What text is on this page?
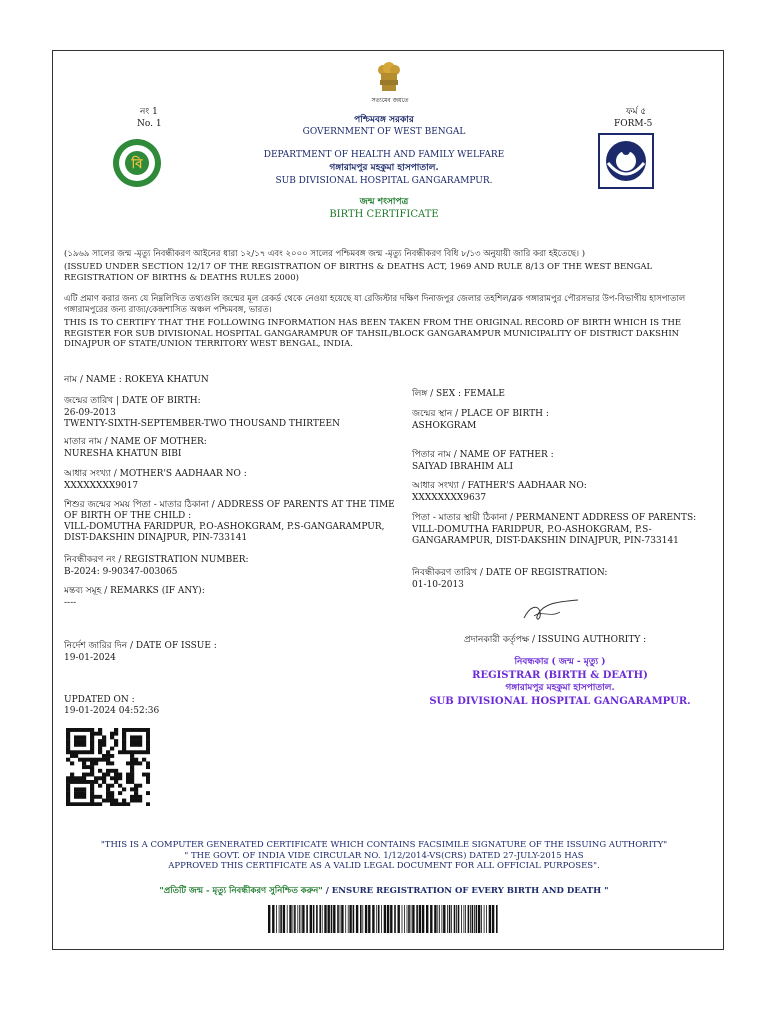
সত্যমেব জয়তে
নং 1
No. 1
ফর্ম ৫
FORM-5
পশ্চিমবঙ্গ সরকার
GOVERNMENT OF WEST BENGAL
DEPARTMENT OF HEALTH AND FAMILY WELFARE
গঙ্গারামপুর মহকুমা হাসপাতাল.
SUB DIVISIONAL HOSPITAL GANGARAMPUR.
জন্ম শংসাপত্র
BIRTH CERTIFICATE
বি
(১৯৬৯ সালের জন্ম -মৃত্যু নিবন্ধীকরণ আইনের ধারা ১২/১৭ এবং ২০০০ সালের পশ্চিমবঙ্গ জন্ম -মৃত্যু নিবন্ধীকরণ বিধি ৮/১৩ অনুযায়ী জারি করা হইতেছে। )
(ISSUED UNDER SECTION 12/17 OF THE REGISTRATION OF BIRTHS & DEATHS ACT, 1969 AND RULE 8/13 OF THE WEST BENGAL REGISTRATION OF BIRTHS & DEATHS RULES 2000)
এটি প্রমাণ করার জন্য যে নিম্নলিখিত তথ্যগুলি জন্মের মূল রেকর্ড থেকে নেওয়া হয়েছে যা রেজিস্টার দক্ষিণ দিনাজপুর জেলার তহশিল/ব্লক গঙ্গারামপুর পৌরসভার উপ-বিভাগীয় হাসপাতাল গঙ্গারামপুরের জন্য রাজ্য/কেন্দ্রশাসিত অঞ্চল পশ্চিমবঙ্গ, ভারত।
THIS IS TO CERTIFY THAT THE FOLLOWING INFORMATION HAS BEEN TAKEN FROM THE ORIGINAL RECORD OF BIRTH WHICH IS THE REGISTER FOR SUB DIVISIONAL HOSPITAL GANGARAMPUR OF TAHSIL/BLOCK GANGARAMPUR MUNICIPALITY OF DISTRICT DAKSHIN DINAJPUR OF STATE/UNION TERRITORY WEST BENGAL, INDIA.
নাম / NAME : ROKEYA KHATUN
জন্মের তারিখ | DATE OF BIRTH:
26-09-2013
TWENTY-SIXTH-SEPTEMBER-TWO THOUSAND THIRTEEN
মাতার নাম / NAME OF MOTHER:
NURESHA KHATUN BIBI
আধার সংখ্যা / MOTHER'S AADHAAR NO :
XXXXXXXX9017
শিশুর জন্মের সময় পিতা - মাতার ঠিকানা / ADDRESS OF PARENTS AT THE TIME OF BIRTH OF THE CHILD :
VILL-DOMUTHA FARIDPUR, P.O-ASHOKGRAM, P.S-GANGARAMPUR, DIST-DAKSHIN DINAJPUR, PIN-733141
নিবন্ধীকরণ নং / REGISTRATION NUMBER:
B-2024: 9-90347-003065
মন্তব্য সমূহ / REMARKS (IF ANY):
----
নির্দেশ জারির দিন / DATE OF ISSUE :
19-01-2024
UPDATED ON :
19-01-2024 04:52:36
লিঙ্গ / SEX : FEMALE
জন্মের স্থান / PLACE OF BIRTH :
ASHOKGRAM
পিতার নাম / NAME OF FATHER :
SAIYAD IBRAHIM ALI
আধার সংখ্যা / FATHER'S AADHAAR NO:
XXXXXXXX9637
পিতা - মাতার স্থায়ী ঠিকানা / PERMANENT ADDRESS OF PARENTS:
VILL-DOMUTHA FARIDPUR, P.O-ASHOKGRAM, P.S-GANGARAMPUR, DIST-DAKSHIN DINAJPUR, PIN-733141
নিবন্ধীকরণ তারিখ / DATE OF REGISTRATION:
01-10-2013
প্রদানকারী কর্তৃপক্ষ / ISSUING AUTHORITY :
নিবন্ধকার ( জন্ম - মৃত্যু )
REGISTRAR (BIRTH & DEATH)
গঙ্গারামপুর মহকুমা হাসপাতাল.
SUB DIVISIONAL HOSPITAL GANGARAMPUR.
"THIS IS A COMPUTER GENERATED CERTIFICATE WHICH CONTAINS FACSIMILE SIGNATURE OF THE ISSUING AUTHORITY"
" THE GOVT. OF INDIA VIDE CIRCULAR NO. 1/12/2014-VS(CRS) DATED 27-JULY-2015 HAS
APPROVED THIS CERTIFICATE AS A VALID LEGAL DOCUMENT FOR ALL OFFICIAL PURPOSES".
"প্রতিটি জন্ম - মৃত্যু নিবন্ধীকরণ সুনিশ্চিত করুন" / ENSURE REGISTRATION OF EVERY BIRTH AND DEATH "
